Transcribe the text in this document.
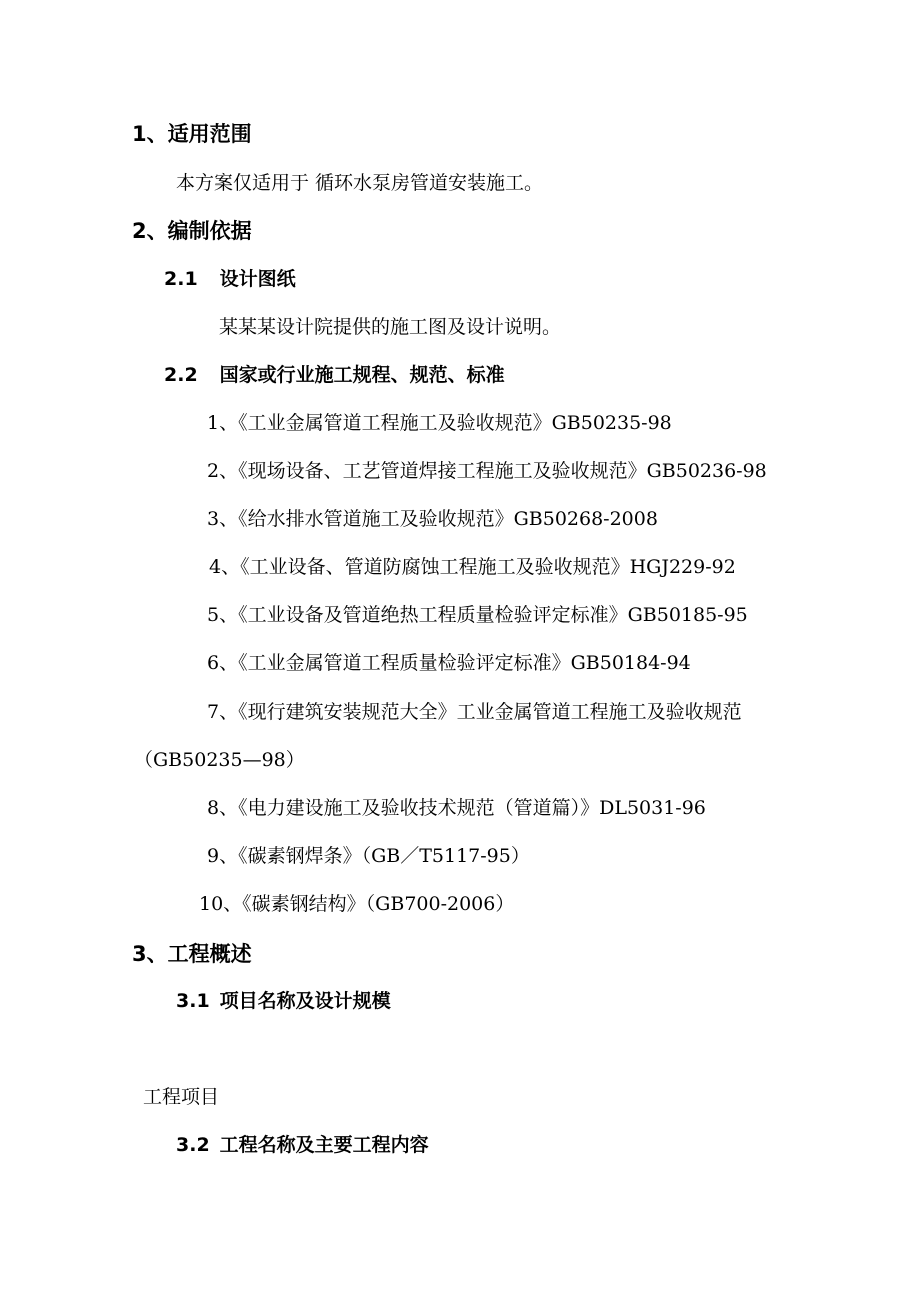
1、适用范围
本方案仅适用于 循环水泵房管道安装施工。
2、编制依据
2.1 设计图纸
某某某设计院提供的施工图及设计说明。
2.2 国家或行业施工规程、规范、标准
1、《工业金属管道工程施工及验收规范》GB50235-98
2、《现场设备、工艺管道焊接工程施工及验收规范》GB50236-98
3、《给水排水管道施工及验收规范》GB50268-2008
4、《工业设备、管道防腐蚀工程施工及验收规范》HGJ229-92
5、《工业设备及管道绝热工程质量检验评定标准》GB50185-95
6、《工业金属管道工程质量检验评定标准》GB50184-94
7、《现行建筑安装规范大全》工业金属管道工程施工及验收规范
（GB50235—98）
8、《电力建设施工及验收技术规范（管道篇）》DL5031-96
9、《碳素钢焊条》（GB／T5117-95）
10、《碳素钢结构》（GB700-2006）
3、工程概述
3.1 项目名称及设计规模
工程项目
3.2 工程名称及主要工程内容
